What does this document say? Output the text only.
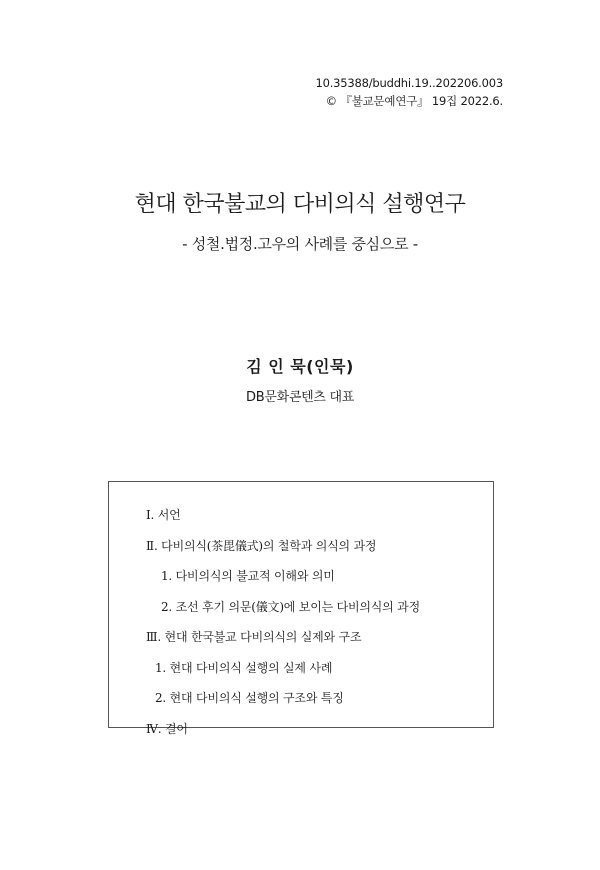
10.35388/buddhi.19..202206.003
© 『불교문예연구』 19집 2022.6.
현대 한국불교의 다비의식 설행연구
- 성철.법정.고우의 사례를 중심으로 -
김 인 묵(인묵)
DB문화콘텐츠 대표
Ⅰ. 서언
Ⅱ. 다비의식(茶毘儀式)의 철학과 의식의 과정
1. 다비의식의 불교적 이해와 의미
2. 조선 후기 의문(儀文)에 보이는 다비의식의 과정
Ⅲ. 현대 한국불교 다비의식의 실제와 구조
1. 현대 다비의식 설행의 실제 사례
2. 현대 다비의식 설행의 구조와 특징
Ⅳ. 결어
